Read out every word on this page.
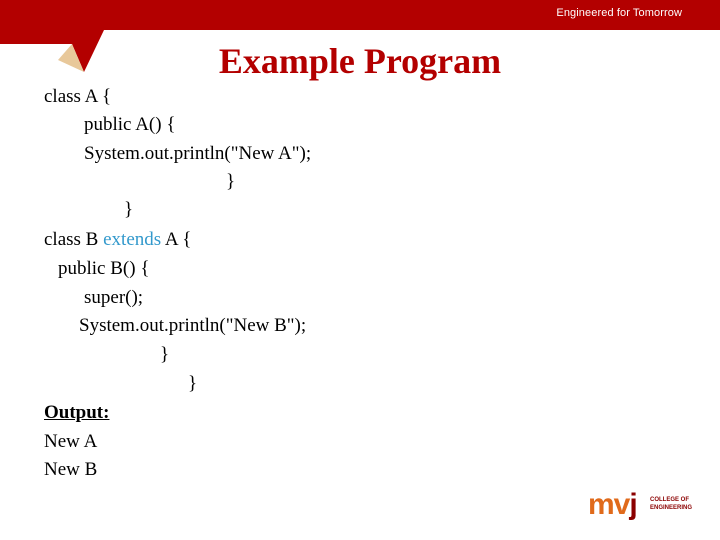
Engineered for Tomorrow
Example Program
class A {
public A() {
System.out.println("New A");
}
}
class B extends A {
public B() {
super();
System.out.println("New B");
}
}
Output:
New A
New B
mvj COLLEGE OF
ENGINEERING
